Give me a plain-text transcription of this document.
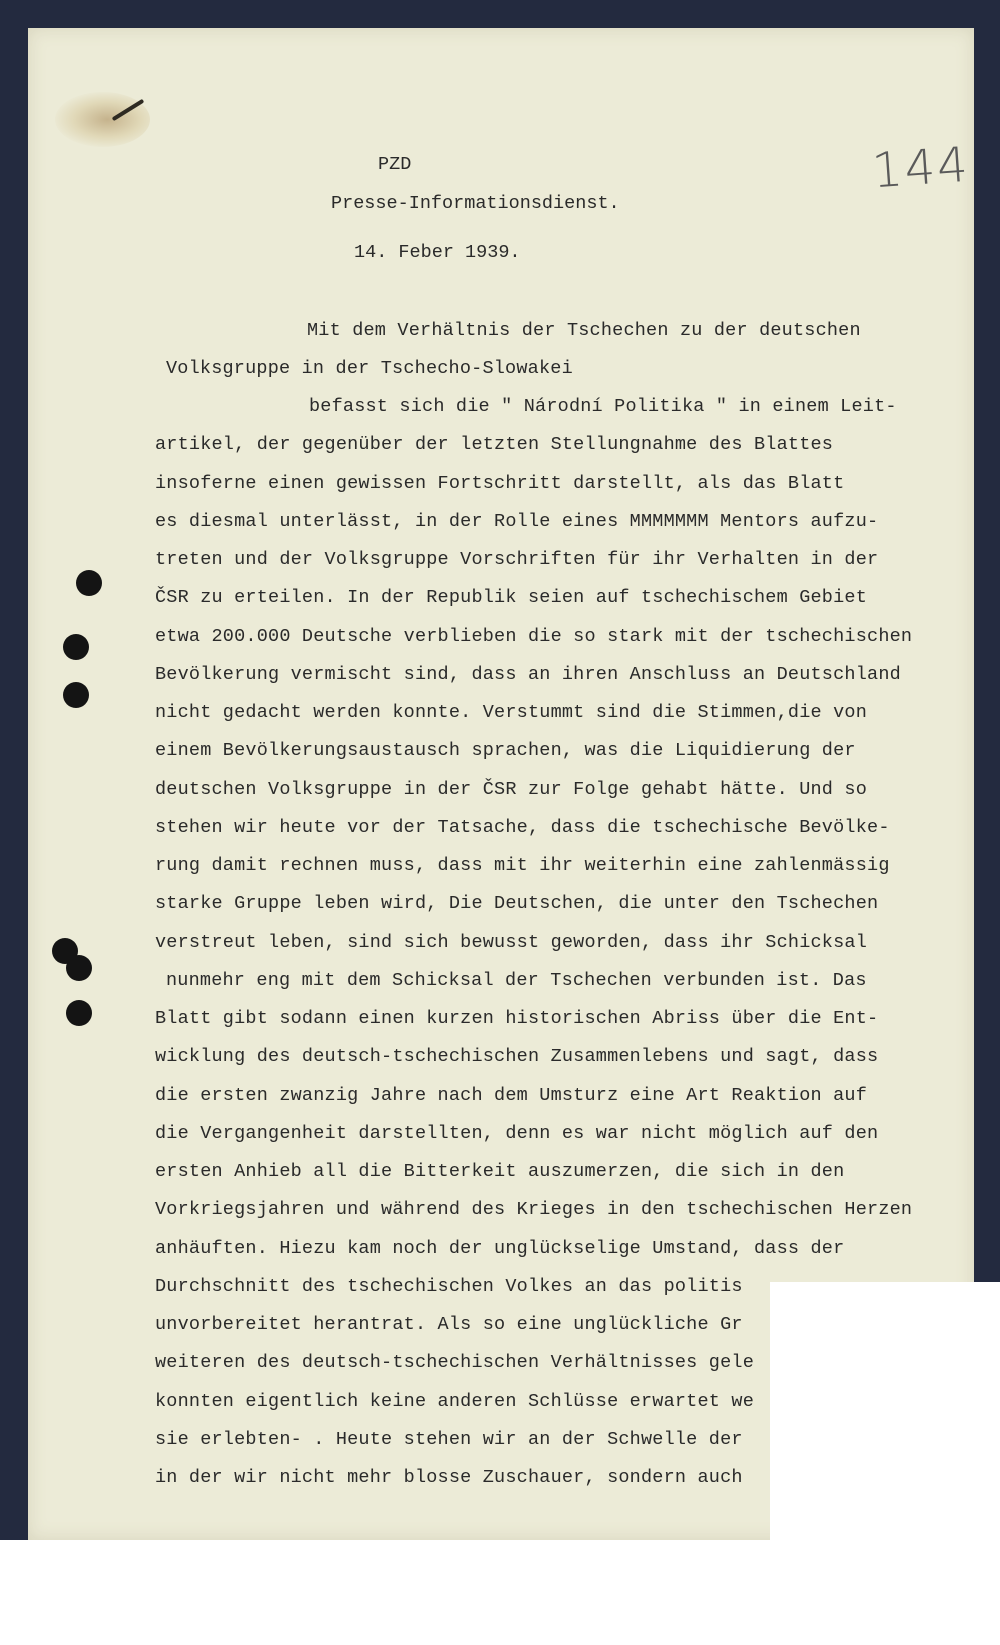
144
PZD
Presse-Informationsdienst.
14. Feber 1939.
Mit dem Verhältnis der Tschechen zu der deutschen
Volksgruppe in der Tschecho-Slowakei
befasst sich die " Národní Politika " in einem Leit-
artikel, der gegenüber der letzten Stellungnahme des Blattes
insoferne einen gewissen Fortschritt darstellt, als das Blatt
es diesmal unterlässt, in der Rolle eines MMMMMMM Mentors aufzu-
treten und der Volksgruppe Vorschriften für ihr Verhalten in der
ČSR zu erteilen. In der Republik seien auf tschechischem Gebiet
etwa 200.000 Deutsche verblieben die so stark mit der tschechischen
Bevölkerung vermischt sind, dass an ihren Anschluss an Deutschland
nicht gedacht werden konnte. Verstummt sind die Stimmen,die von
einem Bevölkerungsaustausch sprachen, was die Liquidierung der
deutschen Volksgruppe in der ČSR zur Folge gehabt hätte. Und so
stehen wir heute vor der Tatsache, dass die tschechische Bevölke-
rung damit rechnen muss, dass mit ihr weiterhin eine zahlenmässig
starke Gruppe leben wird, Die Deutschen, die unter den Tschechen
verstreut leben, sind sich bewusst geworden, dass ihr Schicksal
nunmehr eng mit dem Schicksal der Tschechen verbunden ist. Das
Blatt gibt sodann einen kurzen historischen Abriss über die Ent-
wicklung des deutsch-tschechischen Zusammenlebens und sagt, dass
die ersten zwanzig Jahre nach dem Umsturz eine Art Reaktion auf
die Vergangenheit darstellten, denn es war nicht möglich auf den
ersten Anhieb all die Bitterkeit auszumerzen, die sich in den
Vorkriegsjahren und während des Krieges in den tschechischen Herzen
anhäuften. Hiezu kam noch der unglückselige Umstand, dass der
Durchschnitt des tschechischen Volkes an das politis
unvorbereitet herantrat. Als so eine unglückliche Gr
weiteren des deutsch-tschechischen Verhältnisses gele
konnten eigentlich keine anderen Schlüsse erwartet we
sie erlebten- . Heute stehen wir an der Schwelle der
in der wir nicht mehr blosse Zuschauer, sondern auch
